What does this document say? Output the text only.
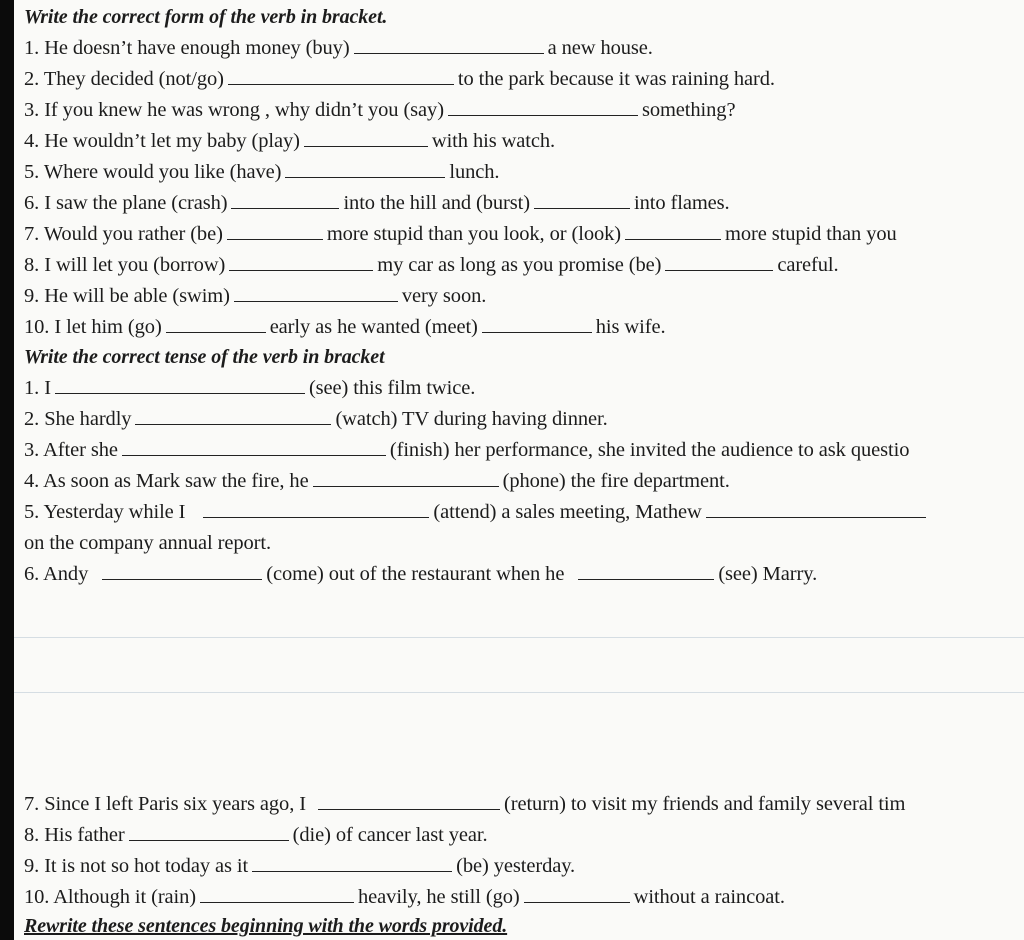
Write the correct form of the verb in bracket.
1. He doesn’t have enough money (buy)	a new house.
2. They decided (not/go)	to the park because it was raining hard.
3. If you knew he was wrong , why didn’t you (say)	something?
4. He wouldn’t let my baby (play)	with his watch.
5. Where would you like (have)	lunch.
6. I saw the plane (crash)	into the hill and (burst)	into flames.
7. Would you rather (be)	more stupid than you look, or (look)	more stupid than you
8. I will let you (borrow)	my car as long as you promise (be)	careful.
9. He will be able (swim)	very soon.
10. I let him (go)	early as he wanted (meet)	his wife.
Write the correct tense of the verb in bracket
1. I	(see) this film twice.
2. She hardly	(watch) TV during having dinner.
3. After she	(finish) her performance, she invited the audience to ask questio
4. As soon as Mark saw the fire, he	(phone) the fire department.
5. Yesterday while I	(attend) a sales meeting, Mathew
on the company annual report.
6. Andy	(come) out of the restaurant when he	(see) Marry.
7. Since I left Paris six years ago, I	(return) to visit my friends and family several tim
8. His father	(die) of cancer last year.
9. It is not so hot today as it	(be) yesterday.
10. Although it (rain)	heavily, he still (go)	without a raincoat.
Rewrite these sentences beginning with the words provided.
